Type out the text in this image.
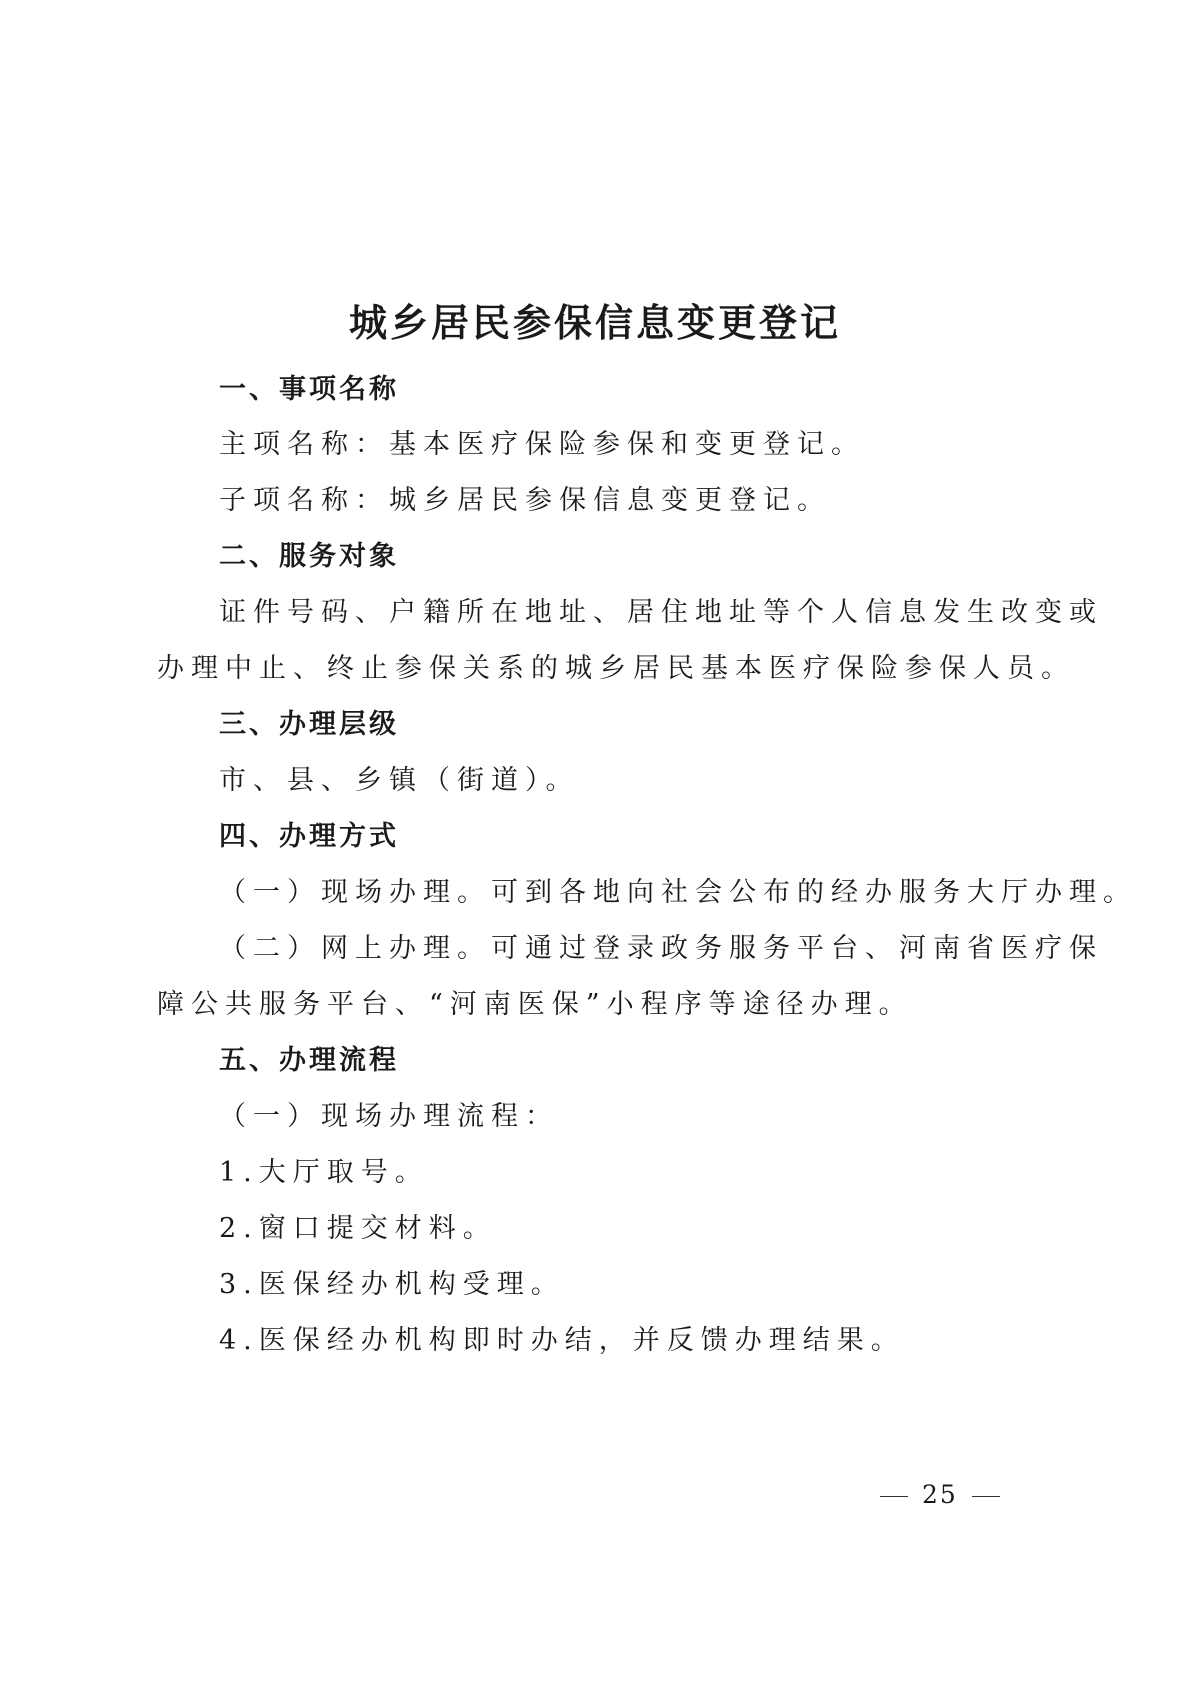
城乡居民参保信息变更登记
一、事项名称
主项名称：基本医疗保险参保和变更登记。
子项名称：城乡居民参保信息变更登记。
二、服务对象
证件号码、户籍所在地址、居住地址等个人信息发生改变或
办理中止、终止参保关系的城乡居民基本医疗保险参保人员。
三、办理层级
市、县、乡镇（街道）。
四、办理方式
（一）现场办理。可到各地向社会公布的经办服务大厅办理。
（二）网上办理。可通过登录政务服务平台、河南省医疗保
障公共服务平台、“河南医保”小程序等途径办理。
五、办理流程
（一）现场办理流程：
1.大厅取号。
2.窗口提交材料。
3.医保经办机构受理。
4.医保经办机构即时办结，并反馈办理结果。
25
